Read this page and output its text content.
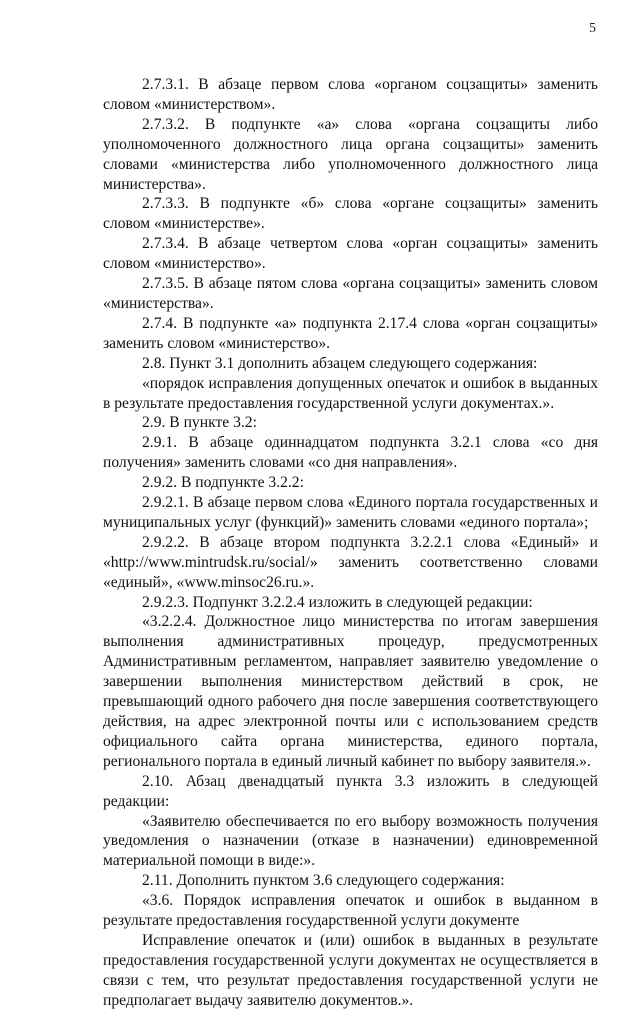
5

2.7.3.1. В абзаце первом слова «органом соцзащиты» заменить словом «министерством».

2.7.3.2. В подпункте «а» слова «органа соцзащиты либо уполномоченного должностного лица органа соцзащиты» заменить словами «министерства либо уполномоченного должностного лица министерства».

2.7.3.3. В подпункте «б» слова «органе соцзащиты» заменить словом «министерстве».

2.7.3.4. В абзаце четвертом слова «орган соцзащиты» заменить словом «министерство».

2.7.3.5. В абзаце пятом слова «органа соцзащиты» заменить словом «министерства».

2.7.4. В подпункте «а» подпункта 2.17.4 слова «орган соцзащиты» заменить словом «министерство».

2.8. Пункт 3.1 дополнить абзацем следующего содержания:

«порядок исправления допущенных опечаток и ошибок в выданных в результате предоставления государственной услуги документах.».

2.9. В пункте 3.2:

2.9.1. В абзаце одиннадцатом подпункта 3.2.1 слова «со дня получения» заменить словами «со дня направления».

2.9.2. В подпункте 3.2.2:

2.9.2.1. В абзаце первом слова «Единого портала государственных и муниципальных услуг (функций)» заменить словами «единого портала»;

2.9.2.2. В абзаце втором подпункта 3.2.2.1 слова «Единый» и «http://www.mintrudsk.ru/social/» заменить соответственно словами «единый», «www.minsoc26.ru.».

2.9.2.3. Подпункт 3.2.2.4 изложить в следующей редакции:

«3.2.2.4. Должностное лицо министерства по итогам завершения выполнения административных процедур, предусмотренных Административным регламентом, направляет заявителю уведомление о завершении выполнения министерством действий в срок, не превышающий одного рабочего дня после завершения соответствующего действия, на адрес электронной почты или с использованием средств официального сайта органа министерства, единого портала, регионального портала в единый личный кабинет по выбору заявителя.».

2.10. Абзац двенадцатый пункта 3.3 изложить в следующей редакции:

«Заявителю обеспечивается по его выбору возможность получения уведомления о назначении (отказе в назначении) единовременной материальной помощи в виде:».

2.11. Дополнить пунктом 3.6 следующего содержания:

«3.6. Порядок исправления опечаток и ошибок в выданном в результате предоставления государственной услуги документе

Исправление опечаток и (или) ошибок в выданных в результате предоставления государственной услуги документах не осуществляется в связи с тем, что результат предоставления государственной услуги не предполагает выдачу заявителю документов.».
